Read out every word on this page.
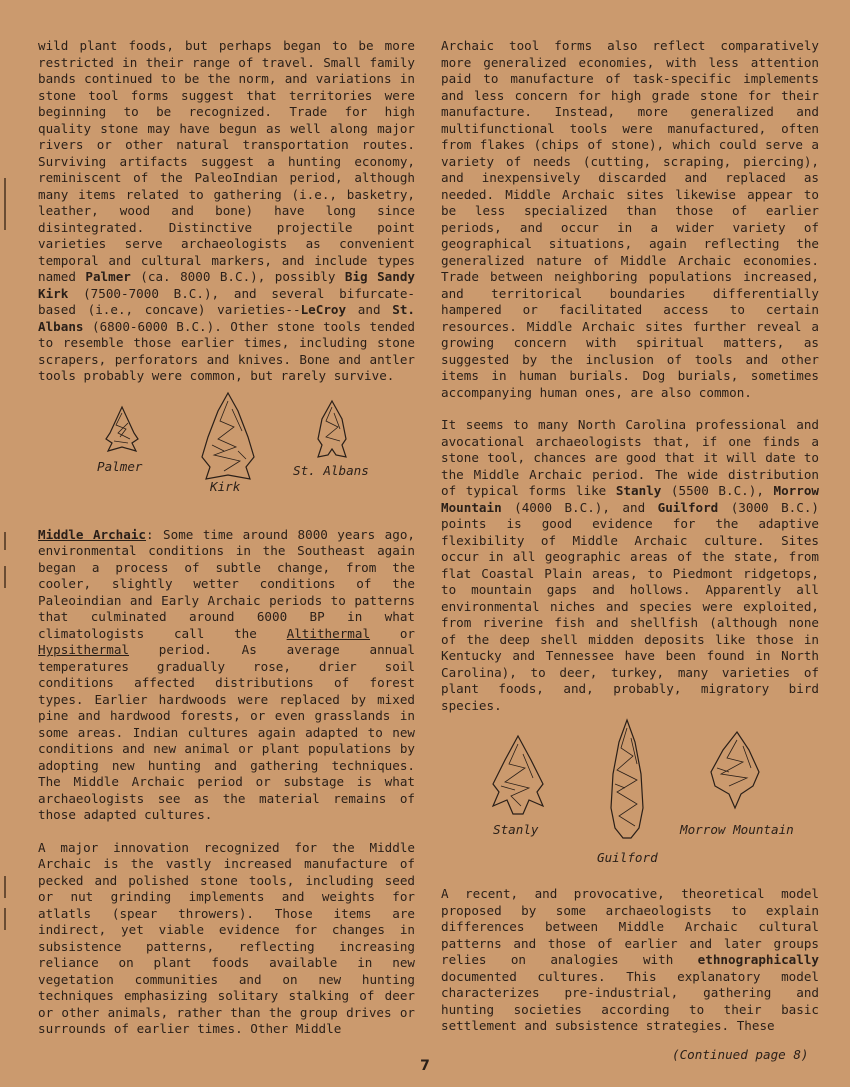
wild plant foods, but perhaps began to be more restricted in their range of travel. Small family bands continued to be the norm, and variations in stone tool forms suggest that territories were beginning to be recognized. Trade for high quality stone may have begun as well along major rivers or other natural transportation routes. Surviving artifacts suggest a hunting economy, reminiscent of the PaleoIndian period, although many items related to gathering (i.e., basketry, leather, wood and bone) have long since disintegrated. Distinctive projectile point varieties serve archaeologists as convenient temporal and cultural markers, and include types named Palmer (ca. 8000 B.C.), possibly Big Sandy Kirk (7500-7000 B.C.), and several bifurcate-based (i.e., concave) varieties--LeCroy and St. Albans (6800-6000 B.C.). Other stone tools tended to resemble those earlier times, including stone scrapers, perforators and knives. Bone and antler tools probably were common, but rarely survive.

Palmer
Kirk
St. Albans

Middle Archaic: Some time around 8000 years ago, environmental conditions in the Southeast again began a process of subtle change, from the cooler, slightly wetter conditions of the Paleoindian and Early Archaic periods to patterns that culminated around 6000 BP in what climatologists call the Altithermal or Hypsithermal period. As average annual temperatures gradually rose, drier soil conditions affected distributions of forest types. Earlier hardwoods were replaced by mixed pine and hardwood forests, or even grasslands in some areas. Indian cultures again adapted to new conditions and new animal or plant populations by adopting new hunting and gathering techniques. The Middle Archaic period or substage is what archaeologists see as the material remains of those adapted cultures.

A major innovation recognized for the Middle Archaic is the vastly increased manufacture of pecked and polished stone tools, including seed or nut grinding implements and weights for atlatls (spear throwers). Those items are indirect, yet viable evidence for changes in subsistence patterns, reflecting increasing reliance on plant foods available in new vegetation communities and on new hunting techniques emphasizing solitary stalking of deer or other animals, rather than the group drives or surrounds of earlier times. Other Middle

Archaic tool forms also reflect comparatively more generalized economies, with less attention paid to manufacture of task-specific implements and less concern for high grade stone for their manufacture. Instead, more generalized and multifunctional tools were manufactured, often from flakes (chips of stone), which could serve a variety of needs (cutting, scraping, piercing), and inexpensively discarded and replaced as needed. Middle Archaic sites likewise appear to be less specialized than those of earlier periods, and occur in a wider variety of geographical situations, again reflecting the generalized nature of Middle Archaic economies. Trade between neighboring populations increased, and territorical boundaries differentially hampered or facilitated access to certain resources. Middle Archaic sites further reveal a growing concern with spiritual matters, as suggested by the inclusion of tools and other items in human burials. Dog burials, sometimes accompanying human ones, are also common.

It seems to many North Carolina professional and avocational archaeologists that, if one finds a stone tool, chances are good that it will date to the Middle Archaic period. The wide distribution of typical forms like Stanly (5500 B.C.), Morrow Mountain (4000 B.C.), and Guilford (3000 B.C.) points is good evidence for the adaptive flexibility of Middle Archaic culture. Sites occur in all geographic areas of the state, from flat Coastal Plain areas, to Piedmont ridgetops, to mountain gaps and hollows. Apparently all environmental niches and species were exploited, from riverine fish and shellfish (although none of the deep shell midden deposits like those in Kentucky and Tennessee have been found in North Carolina), to deer, turkey, many varieties of plant foods, and, probably, migratory bird species.

Stanly
Guilford
Morrow Mountain

A recent, and provocative, theoretical model proposed by some archaeologists to explain differences between Middle Archaic cultural patterns and those of earlier and later groups relies on analogies with ethnographically documented cultures. This explanatory model characterizes pre-industrial, gathering and hunting societies according to their basic settlement and subsistence strategies. These

(Continued page 8)
7
